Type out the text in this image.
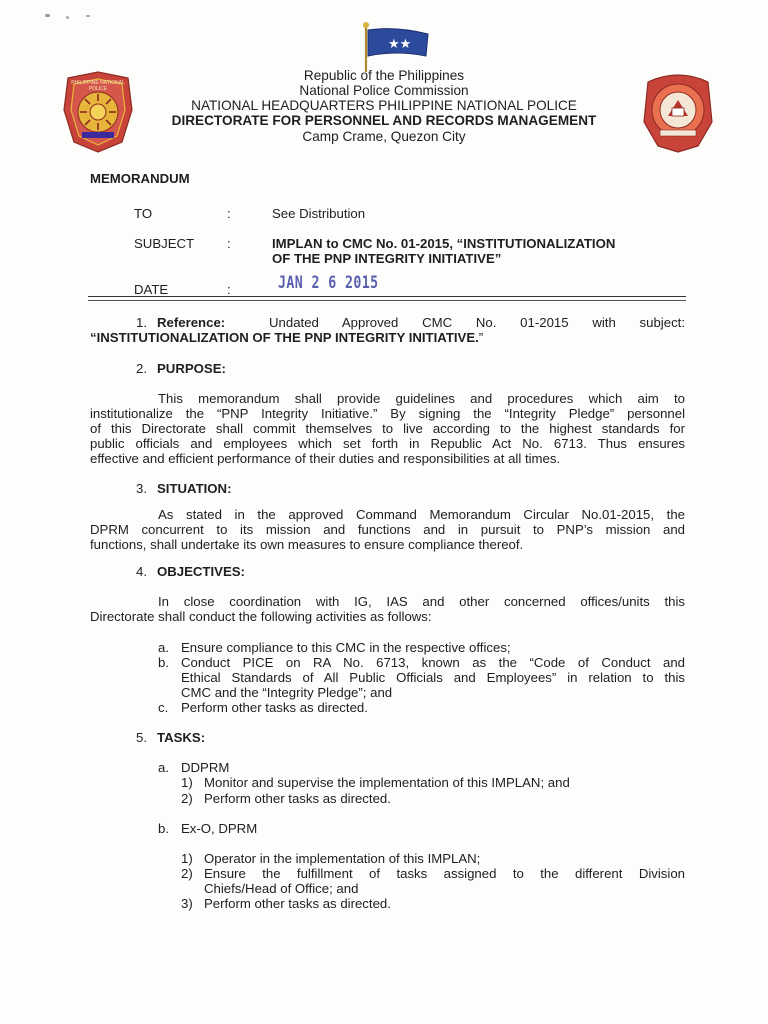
PHILIPPINE NATIONAL POLICE
★★
Republic of the Philippines
National Police Commission
NATIONAL HEADQUARTERS PHILIPPINE NATIONAL POLICE
DIRECTORATE FOR PERSONNEL AND RECORDS MANAGEMENT
Camp Crame, Quezon City
MEMORANDUM
TO	:	See Distribution
SUBJECT :	IMPLAN to CMC No. 01-2015, “INSTITUTIONALIZATION
OF THE PNP INTEGRITY INITIATIVE”
DATE	:	JAN 2 6 2015
1. Reference:	Undated Approved CMC No. 01-2015 with subject:
“INSTITUTIONALIZATION OF THE PNP INTEGRITY INITIATIVE.”
2. PURPOSE:
This memorandum shall provide guidelines and procedures which aim to
institutionalize the “PNP Integrity Initiative.” By signing the “Integrity Pledge” personnel
of this Directorate shall commit themselves to live according to the highest standards for
public officials and employees which set forth in Republic Act No. 6713. Thus ensures
effective and efficient performance of their duties and responsibilities at all times.
3. SITUATION:
As stated in the approved Command Memorandum Circular No.01-2015, the
DPRM concurrent to its mission and functions and in pursuit to PNP’s mission and
functions, shall undertake its own measures to ensure compliance thereof.
4. OBJECTIVES:
In close coordination with IG, IAS and other concerned offices/units this
Directorate shall conduct the following activities as follows:
a. Ensure compliance to this CMC in the respective offices;
b. Conduct PICE on RA No. 6713, known as the “Code of Conduct and
Ethical Standards of All Public Officials and Employees” in relation to this
CMC and the “Integrity Pledge”; and
c. Perform other tasks as directed.
5. TASKS:
a. DDPRM
1) Monitor and supervise the implementation of this IMPLAN; and
2) Perform other tasks as directed.
b. Ex-O, DPRM
1) Operator in the implementation of this IMPLAN;
2) Ensure the fulfillment of tasks assigned to the different Division
Chiefs/Head of Office; and
3) Perform other tasks as directed.
